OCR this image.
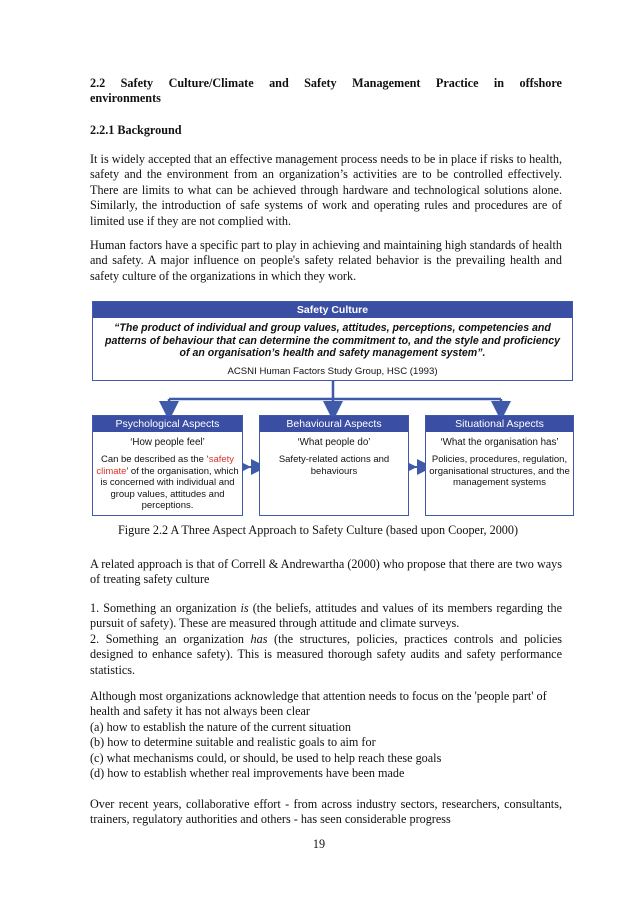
2.2 Safety Culture/Climate and Safety Management Practice in offshore
environments
2.2.1 Background

It is widely accepted that an effective management process needs to be in place if risks to health, safety and the environment from an organization’s activities are to be controlled effectively. There are limits to what can be achieved through hardware and technological solutions alone. Similarly, the introduction of safe systems of work and operating rules and procedures are of limited use if they are not complied with.

Human factors have a specific part to play in achieving and maintaining high standards of health and safety. A major influence on people's safety related behavior is the prevailing health and safety culture of the organizations in which they work.

Safety Culture
“The product of individual and group values, attitudes, perceptions, competencies and patterns of behaviour that can determine the commitment to, and the style and proficiency of an organisation’s health and safety management system”.
ACSNI Human Factors Study Group, HSC (1993)
Psychological Aspects
‘How people feel’
Can be described as the ‘safety climate’ of the organisation, which is concerned with individual and group values, attitudes and perceptions.
Behavioural Aspects
‘What people do’
Safety-related actions and behaviours
Situational Aspects
‘What the organisation has’
Policies, procedures, regulation, organisational structures, and the management systems
Figure 2.2 A Three Aspect Approach to Safety Culture (based upon Cooper, 2000)

A related approach is that of Correll & Andrewartha (2000) who propose that there are two ways of treating safety culture

1. Something an organization is (the beliefs, attitudes and values of its members regarding the pursuit of safety). These are measured through attitude and climate surveys.

2. Something an organization has (the structures, policies, practices controls and policies designed to enhance safety). This is measured thorough safety audits and safety performance statistics.

Although most organizations acknowledge that attention needs to focus on the 'people part' of health and safety it has not always been clear

(a) how to establish the nature of the current situation

(b) how to determine suitable and realistic goals to aim for

(c) what mechanisms could, or should, be used to help reach these goals

(d) how to establish whether real improvements have been made

Over recent years, collaborative effort - from across industry sectors, researchers, consultants, trainers, regulatory authorities and others - has seen considerable progress

19
